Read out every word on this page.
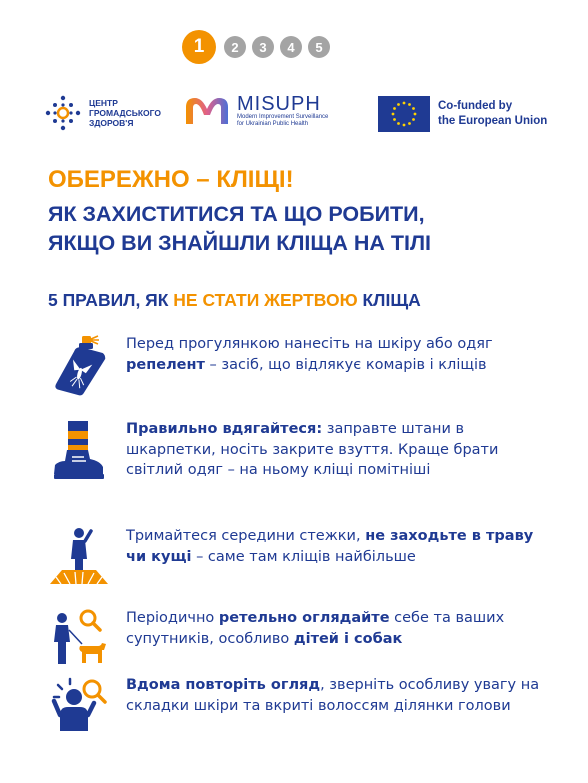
1	2	3	4	5
ЦЕНТР
ГРОМАДСЬКОГО
ЗДОРОВ'Я
MISUPH
Modern Improvement Surveillance
for Ukrainian Public Health
Co-funded by
the European Union
ОБЕРЕЖНО – КЛІЩІ!
ЯК ЗАХИСТИТИСЯ ТА ЩО РОБИТИ,
ЯКЩО ВИ ЗНАЙШЛИ КЛІЩА НА ТІЛІ
5 ПРАВИЛ, ЯК НЕ СТАТИ ЖЕРТВОЮ КЛІЩА
Перед прогулянкою нанесіть на шкіру або одяг репелент – засіб, що відлякує комарів і кліщів
Правильно вдягайтеся: заправте штани в шкарпетки, носіть закрите взуття. Краще брати світлий одяг – на ньому кліщі помітніші
Тримайтеся середини стежки, не заходьте в траву чи кущі – саме там кліщів найбільше
Періодично ретельно оглядайте себе та ваших супутників, особливо дітей і собак
Вдома повторіть огляд, зверніть особливу увагу на складки шкіри та вкриті волоссям ділянки голови
